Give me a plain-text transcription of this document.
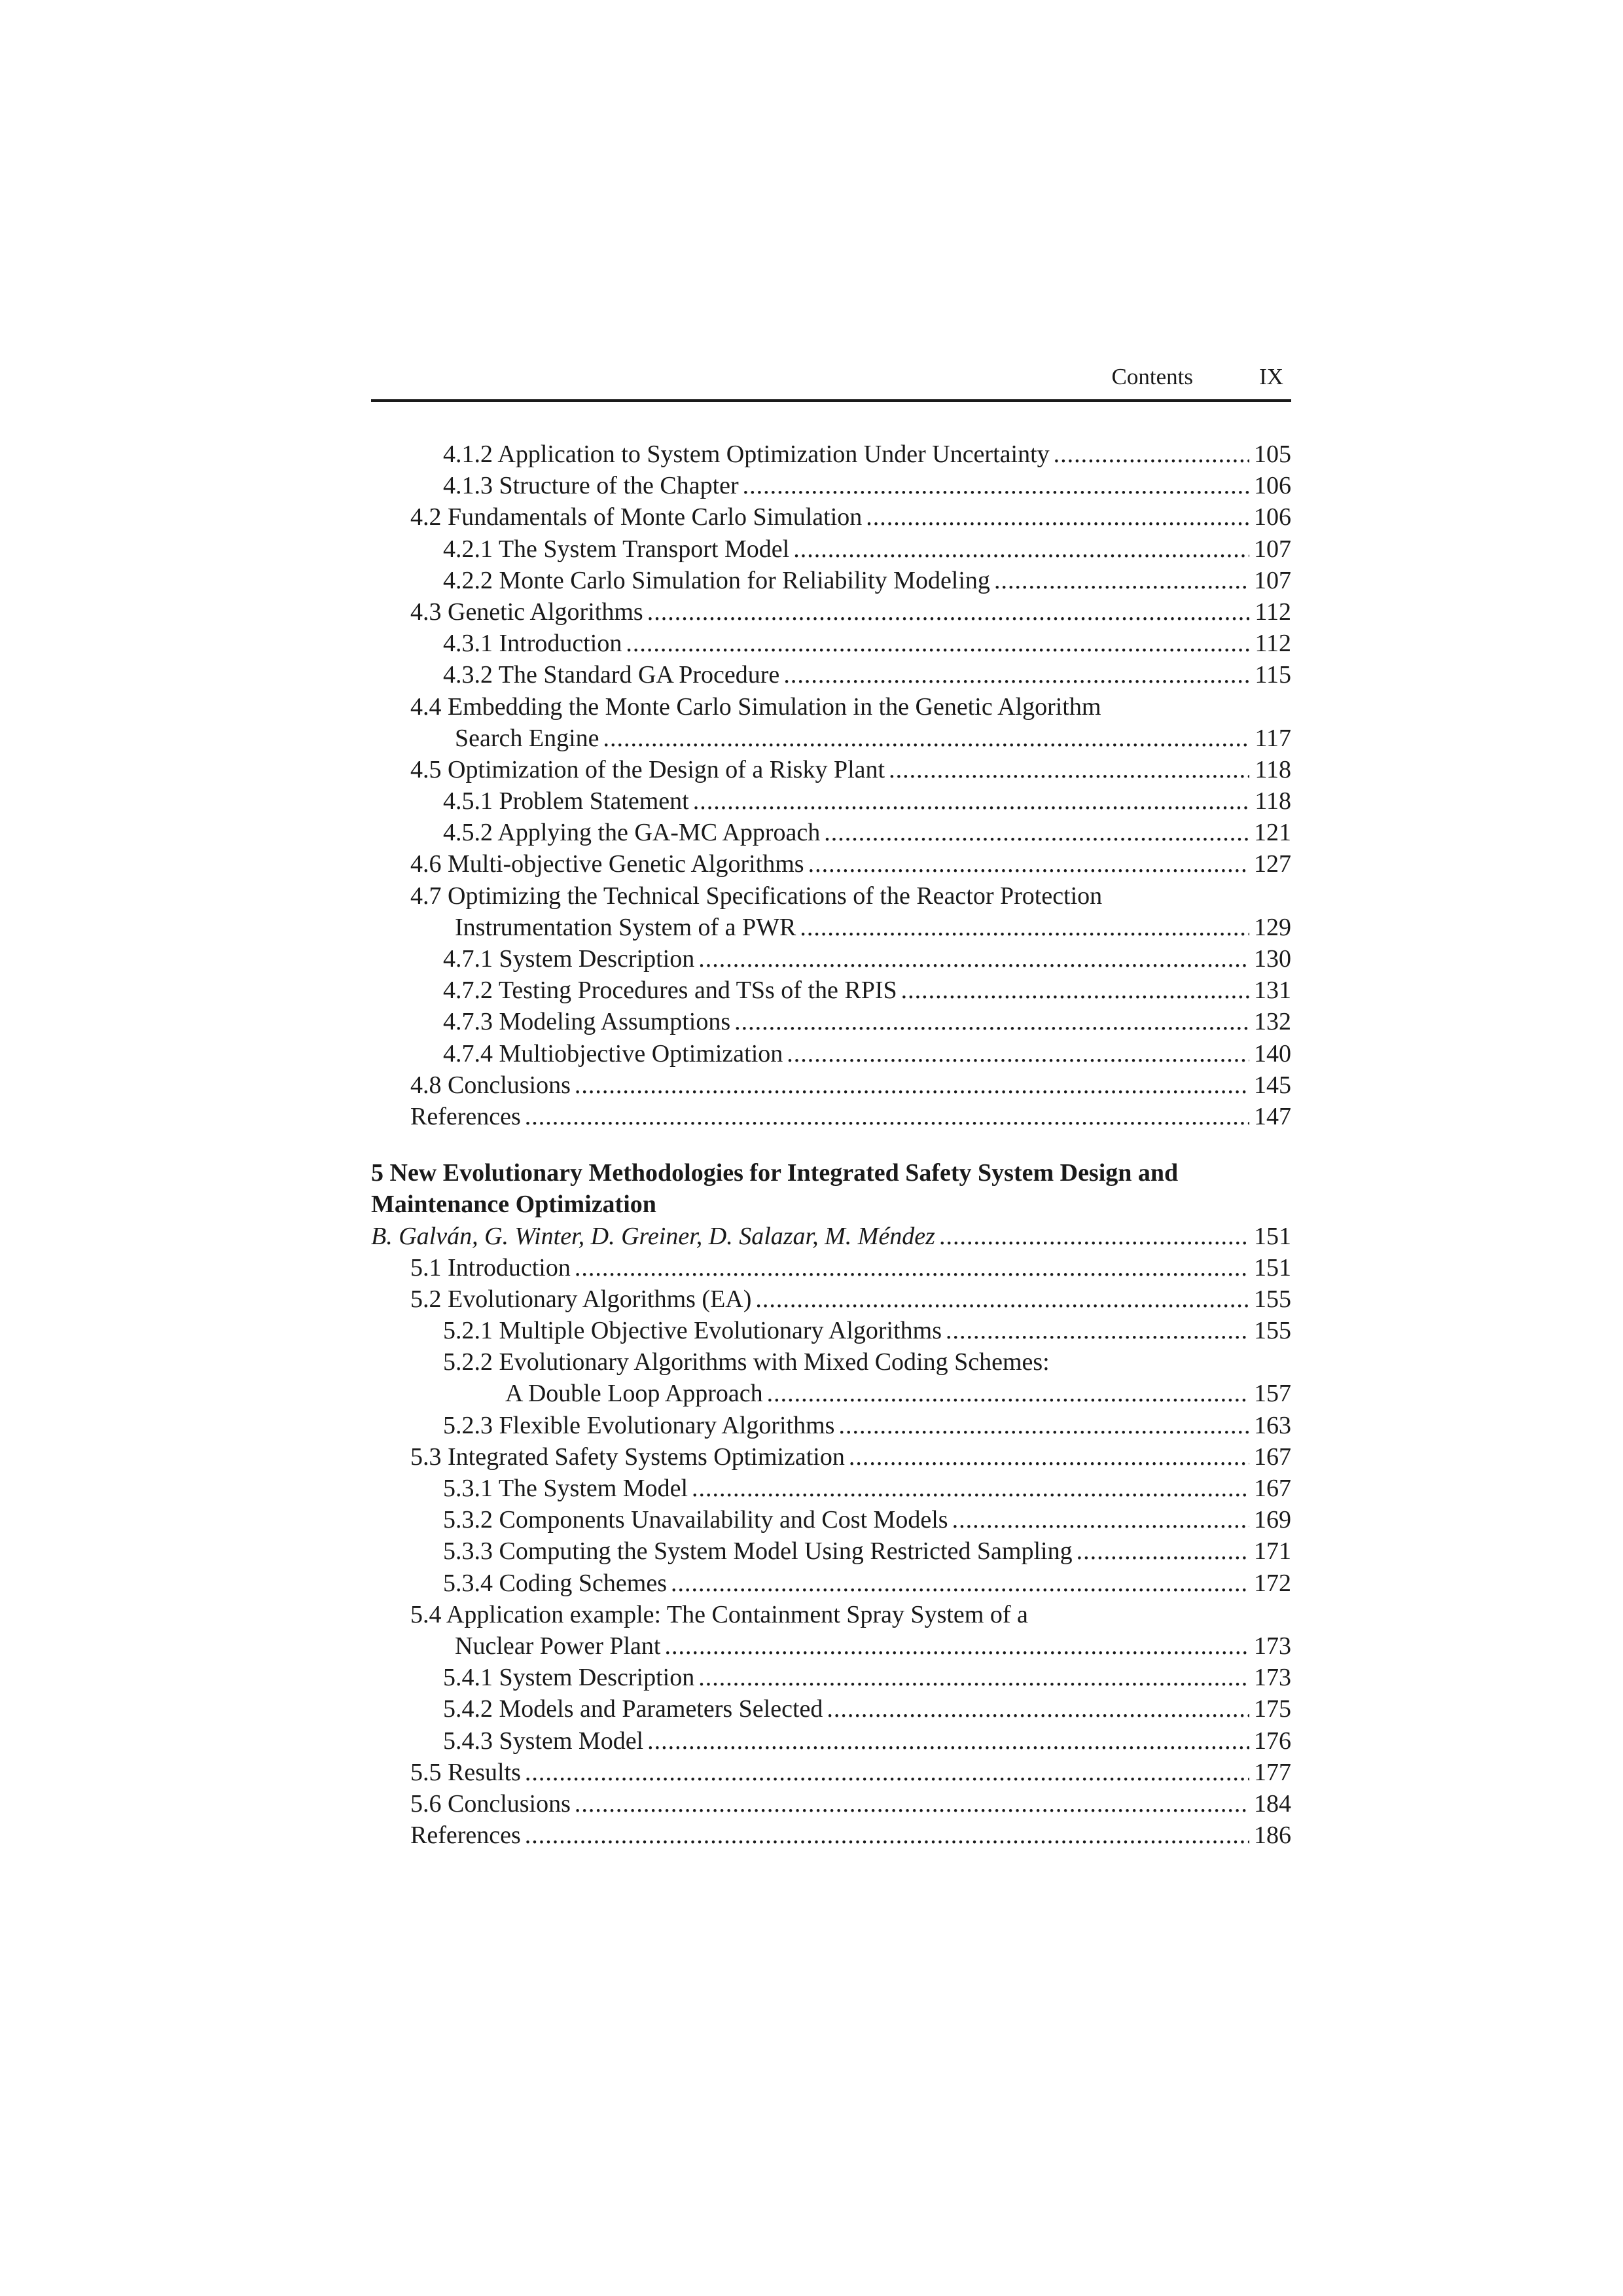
Contents	IX
4.1.2 Application to System Optimization Under Uncertainty .....	105
4.1.3 Structure of the Chapter .....	106
4.2 Fundamentals of Monte Carlo Simulation .....	106
4.2.1 The System Transport Model .....	107
4.2.2 Monte Carlo Simulation for Reliability Modeling .....	107
4.3 Genetic Algorithms .....	112
4.3.1 Introduction .....	112
4.3.2 The Standard GA Procedure .....	115
4.4 Embedding the Monte Carlo Simulation in the Genetic Algorithm
Search Engine .....	117
4.5 Optimization of the Design of a Risky Plant .....	118
4.5.1 Problem Statement .....	118
4.5.2 Applying the GA-MC Approach .....	121
4.6 Multi-objective Genetic Algorithms .....	127
4.7 Optimizing the Technical Specifications of the Reactor Protection
Instrumentation System of a PWR .....	129
4.7.1 System Description .....	130
4.7.2 Testing Procedures and TSs of the RPIS .....	131
4.7.3 Modeling Assumptions .....	132
4.7.4 Multiobjective Optimization .....	140
4.8 Conclusions .....	145
References .....	147
5 New Evolutionary Methodologies for Integrated Safety System Design and
Maintenance Optimization
B. Galván, G. Winter, D. Greiner, D. Salazar, M. Méndez .....	151
5.1 Introduction .....	151
5.2 Evolutionary Algorithms (EA) .....	155
5.2.1 Multiple Objective Evolutionary Algorithms .....	155
5.2.2 Evolutionary Algorithms with Mixed Coding Schemes:
A Double Loop Approach .....	157
5.2.3 Flexible Evolutionary Algorithms .....	163
5.3 Integrated Safety Systems Optimization .....	167
5.3.1 The System Model .....	167
5.3.2 Components Unavailability and Cost Models .....	169
5.3.3 Computing the System Model Using Restricted Sampling .....	171
5.3.4 Coding Schemes .....	172
5.4 Application example: The Containment Spray System of a
Nuclear Power Plant .....	173
5.4.1 System Description .....	173
5.4.2 Models and Parameters Selected .....	175
5.4.3 System Model .....	176
5.5 Results .....	177
5.6 Conclusions .....	184
References .....	186
